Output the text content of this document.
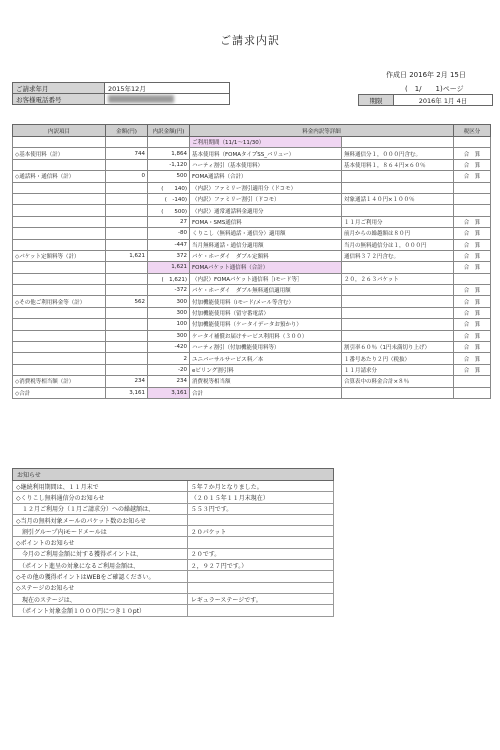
ご請求内訳
ご請求年月	2015年12月
お客様電話番号	
作成日 2016年 2月 15日
(　1/　　1)ページ
期限	2016年 1月 4日
内訳項目	金額(円)	内訳金額(円)	料金内訳等詳細		税区分
			ご利用期間（11/1～11/30）		
◇基本使用料（計）	744	1,864	基本使用料（FOMAタイプSS_バリュー）	無料通信分１，０００円含む。	合　算
		-1,120	ハーティ割引（基本使用料）	基本使用料１，８６４円×６０％	合　算
◇通話料・通信料（計）	0	500	FOMA通話料（合計）		合　算
		(　　140)	（内訳）ファミリー割引適用分（ドコモ）		
		(　-140)	（内訳）ファミリー割引（ドコモ）	対象通話１４０円×１００％	
		(　　500)	（内訳）通常通話料金適用分		
		27	FOMA・SMS通信料	１１月ご利用分	合　算
		-80	くりこし（無料通話・通信分）適用額	前月からの繰越額は８０円	合　算
		-447	当月無料通話・通信分適用額	当月の無料通信分は１，０００円	合　算
◇パケット定額料等（計）	1,621	372	パケ・ホーダイ　ダブル定額料	通信料３７２円含む。	合　算
		1,621	FOMAパケット通信料（合計）		合　算
		(　1,621)	（内訳）FOMAパケット通信料［iモード等］	２０，２６３パケット	
		-372	パケ・ホーダイ　ダブル無料通信適用額		合　算
◇その他ご利用料金等（計）	562	300	付加機能使用料（iモード/メール等含む）		合　算
		300	付加機能使用料（留守番電話）		合　算
		100	付加機能使用料（ケータイデータお預かり）		合　算
		300	ケータイ補償お届けサービス利用料（３００）		合　算
		-420	ハーティ割引（付加機能使用料等）	割引率６０％（1円未満切り上げ）	合　算
		2	ユニバーサルサービス料／本	１番号あたり２円（税抜）	合　算
		-20	eビリング割引料	１１月請求分	合　算
◇消費税等相当額（計）	234	234	消費税等相当額	合算表中の料金合計×８％	
◇合計	3,161	3,161	合計		
お知らせ	
◇継続利用期間は、１１月末で	５年７か月となりました。
◇くりこし無料通信分のお知らせ	（２０１５年１１月末現在）
　１２月ご利用分（１月ご請求分）への繰越額は、	５５３円です。
◇当月の無料対象メールのパケット数のお知らせ	
　割引グループ内iモードメールは	２０パケット
◇ポイントのお知らせ	
　今月のご利用金額に対する獲得ポイントは、	２０です。
　（ポイント進呈の対象になるご利用金額は、	２，９２７円です。）
◇その他の獲得ポイントはWEBをご確認ください。	
◇ステージのお知らせ	
　現在のステージは、	レギュラーステージです。
　（ポイント対象金額１０００円につき１０pt）	
